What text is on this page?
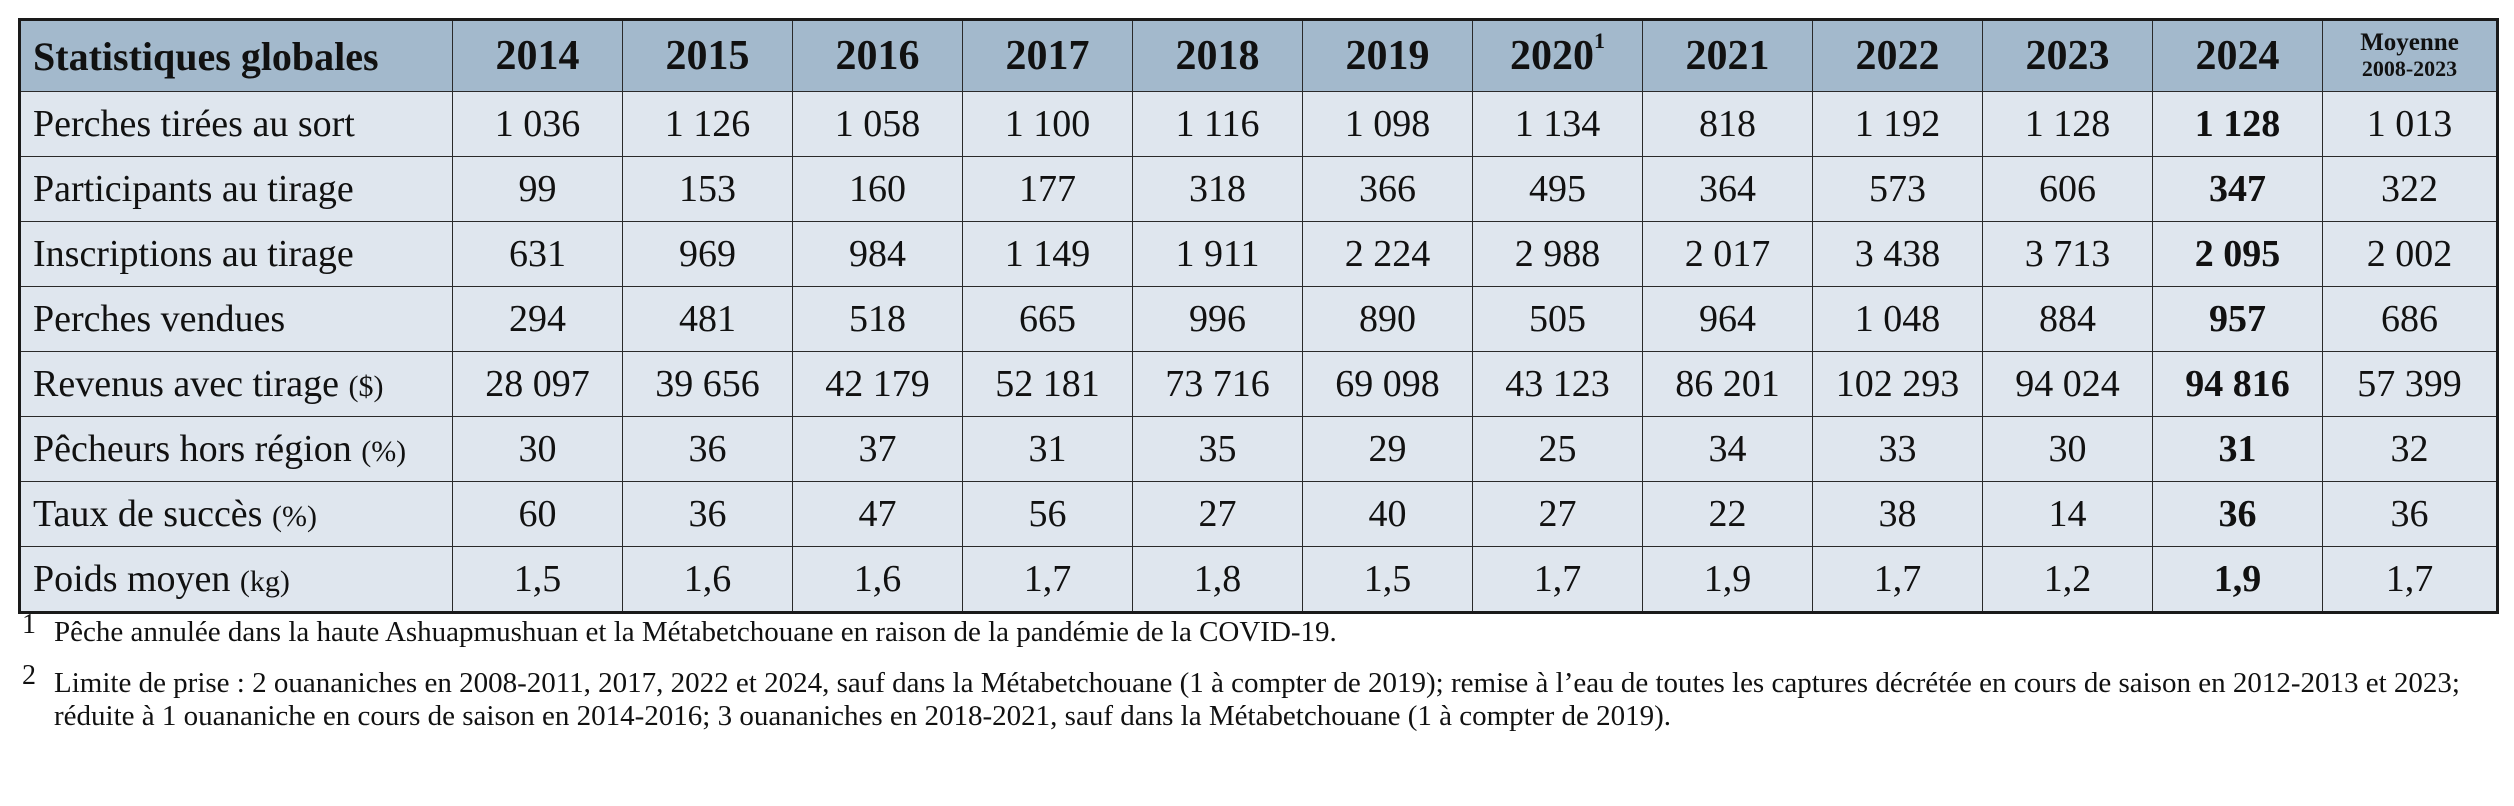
Statistiques globales	2014	2015	2016	2017	2018	2019	2020$^1$	2021	2022	2023	2024	Moyenne
2008-2023

Perches tirées au sort	1 036	1 126	1 058	1 100	1 116	1 098	1 134	818	1 192	1 128	1 128	1 013
Participants au tirage	99	153	160	177	318	366	495	364	573	606	347	322
Inscriptions au tirage	631	969	984	1 149	1 911	2 224	2 988	2 017	3 438	3 713	2 095	2 002
Perches vendues	294	481	518	665	996	890	505	964	1 048	884	957	686
Revenus avec tirage ($)	28 097	39 656	42 179	52 181	73 716	69 098	43 123	86 201	102 293	94 024	94 816	57 399
Pêcheurs hors région (%)	30	36	37	31	35	29	25	34	33	30	31	32
Taux de succès (%)	60	36	47	56	27	40	27	22	38	14	36	36
Poids moyen (kg)	1,5	1,6	1,6	1,7	1,8	1,5	1,7	1,9	1,7	1,2	1,9	1,7
1 Pêche annulée dans la haute Ashuapmushuan et la Métabetchouane en raison de la pandémie de la COVID-19.
2 Limite de prise : 2 ouananiches en 2008-2011, 2017, 2022 et 2024, sauf dans la Métabetchouane (1 à compter de 2019); remise à l’eau de toutes les captures décrétée en cours de saison en 2012-2013 et 2023; réduite à 1 ouananiche en cours de saison en 2014-2016; 3 ouananiches en 2018-2021, sauf dans la Métabetchouane (1 à compter de 2019).
